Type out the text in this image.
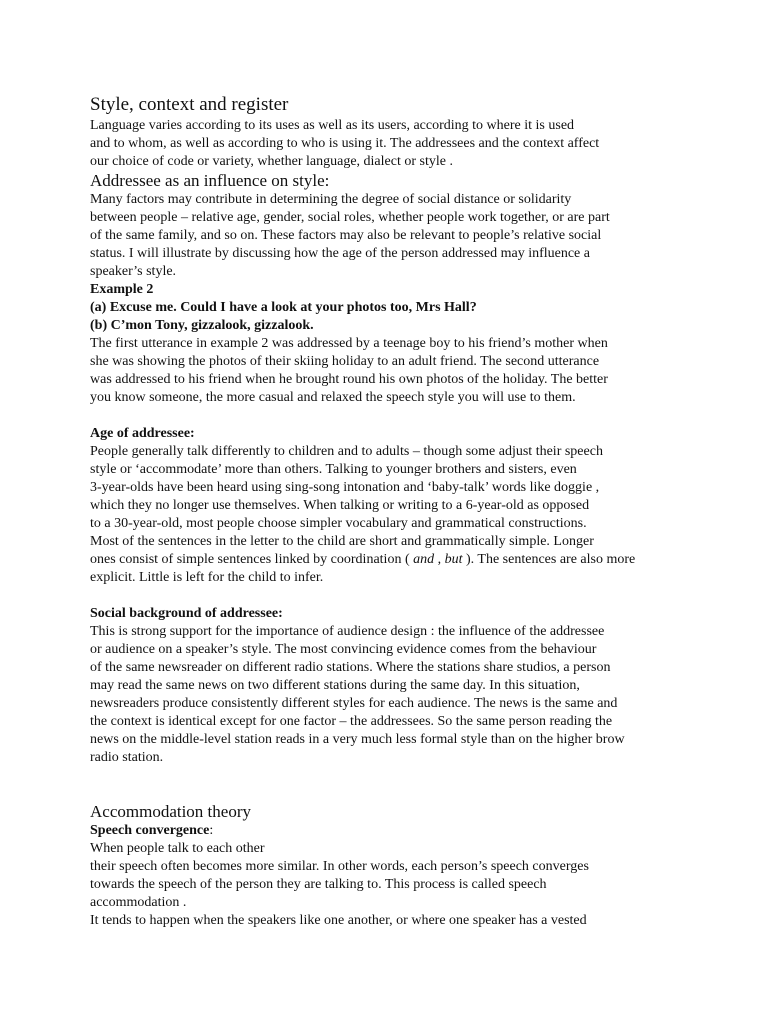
Style, context and register

Language varies according to its uses as well as its users, according to where it is used

and to whom, as well as according to who is using it. The addressees and the context affect

our choice of code or variety, whether language, dialect or style .

Addressee as an influence on style:

Many factors may contribute in determining the degree of social distance or solidarity

between people – relative age, gender, social roles, whether people work together, or are part

of the same family, and so on. These factors may also be relevant to people’s relative social

status. I will illustrate by discussing how the age of the person addressed may influence a

speaker’s style.

Example 2

(a) Excuse me. Could I have a look at your photos too, Mrs Hall?

(b) C’mon Tony, gizzalook, gizzalook.

The first utterance in example 2 was addressed by a teenage boy to his friend’s mother when

she was showing the photos of their skiing holiday to an adult friend. The second utterance

was addressed to his friend when he brought round his own photos of the holiday. The better

you know someone, the more casual and relaxed the speech style you will use to them.

Age of addressee:

People generally talk differently to children and to adults – though some adjust their speech

style or ‘accommodate’ more than others. Talking to younger brothers and sisters, even

3-year-olds have been heard using sing-song intonation and ‘baby-talk’ words like doggie ,

which they no longer use themselves. When talking or writing to a 6-year-old as opposed

to a 30-year-old, most people choose simpler vocabulary and grammatical constructions.

Most of the sentences in the letter to the child are short and grammatically simple. Longer

ones consist of simple sentences linked by coordination ( and , but ). The sentences are also more

explicit. Little is left for the child to infer.

Social background of addressee:

This is strong support for the importance of audience design : the influence of the addressee

or audience on a speaker’s style. The most convincing evidence comes from the behaviour

of the same newsreader on different radio stations. Where the stations share studios, a person

may read the same news on two different stations during the same day. In this situation,

newsreaders produce consistently different styles for each audience. The news is the same and

the context is identical except for one factor – the addressees. So the same person reading the

news on the middle-level station reads in a very much less formal style than on the higher brow

radio station.

Accommodation theory

Speech convergence:

When people talk to each other

their speech often becomes more similar. In other words, each person’s speech converges

towards the speech of the person they are talking to. This process is called speech

accommodation .

It tends to happen when the speakers like one another, or where one speaker has a vested
